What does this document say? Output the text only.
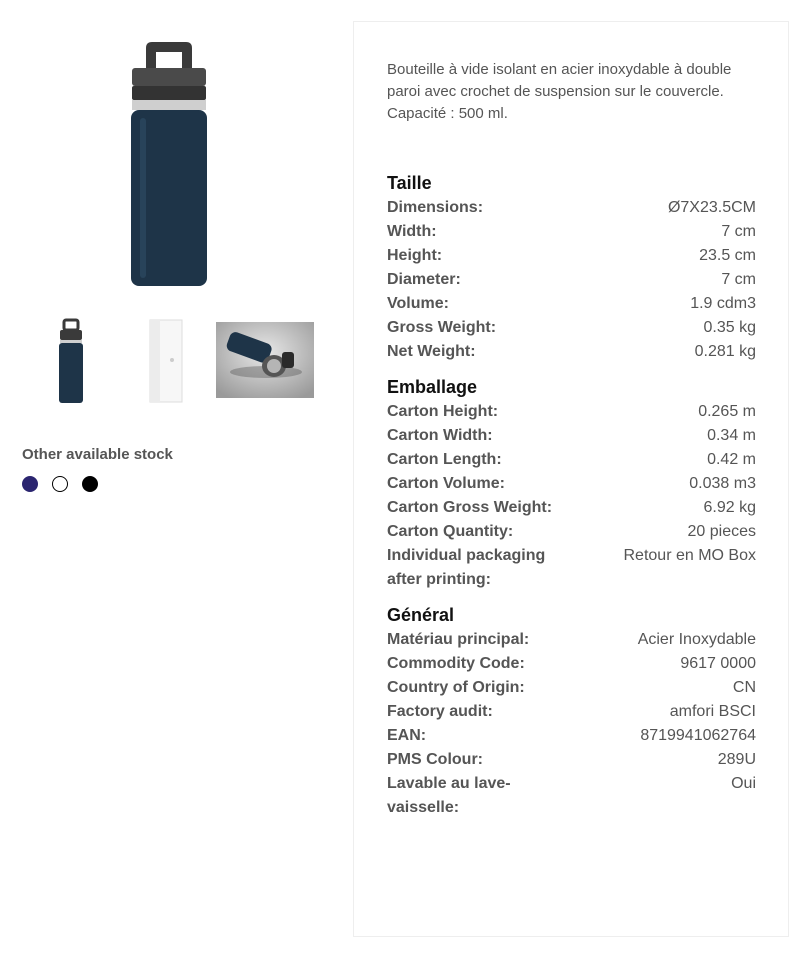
Other available stock

Bouteille à vide isolant en acier inoxydable à double paroi avec crochet de suspension sur le couvercle. Capacité : 500 ml.

Taille
Dimensions:	Ø7X23.5CM
Width:	7 cm
Height:	23.5 cm
Diameter:	7 cm
Volume:	1.9 cdm3
Gross Weight:	0.35 kg
Net Weight:	0.281 kg
Emballage
Carton Height:	0.265 m
Carton Width:	0.34 m
Carton Length:	0.42 m
Carton Volume:	0.038 m3
Carton Gross Weight:	6.92 kg
Carton Quantity:	20 pieces
Individual packaging after printing:
Retour en MO Box
Général
Matériau principal:	Acier Inoxydable
Commodity Code:	9617 0000
Country of Origin:	CN
Factory audit:	amfori BSCI
EAN:	8719941062764
PMS Colour:	289U
Lavable au lave-vaisselle:
Oui
